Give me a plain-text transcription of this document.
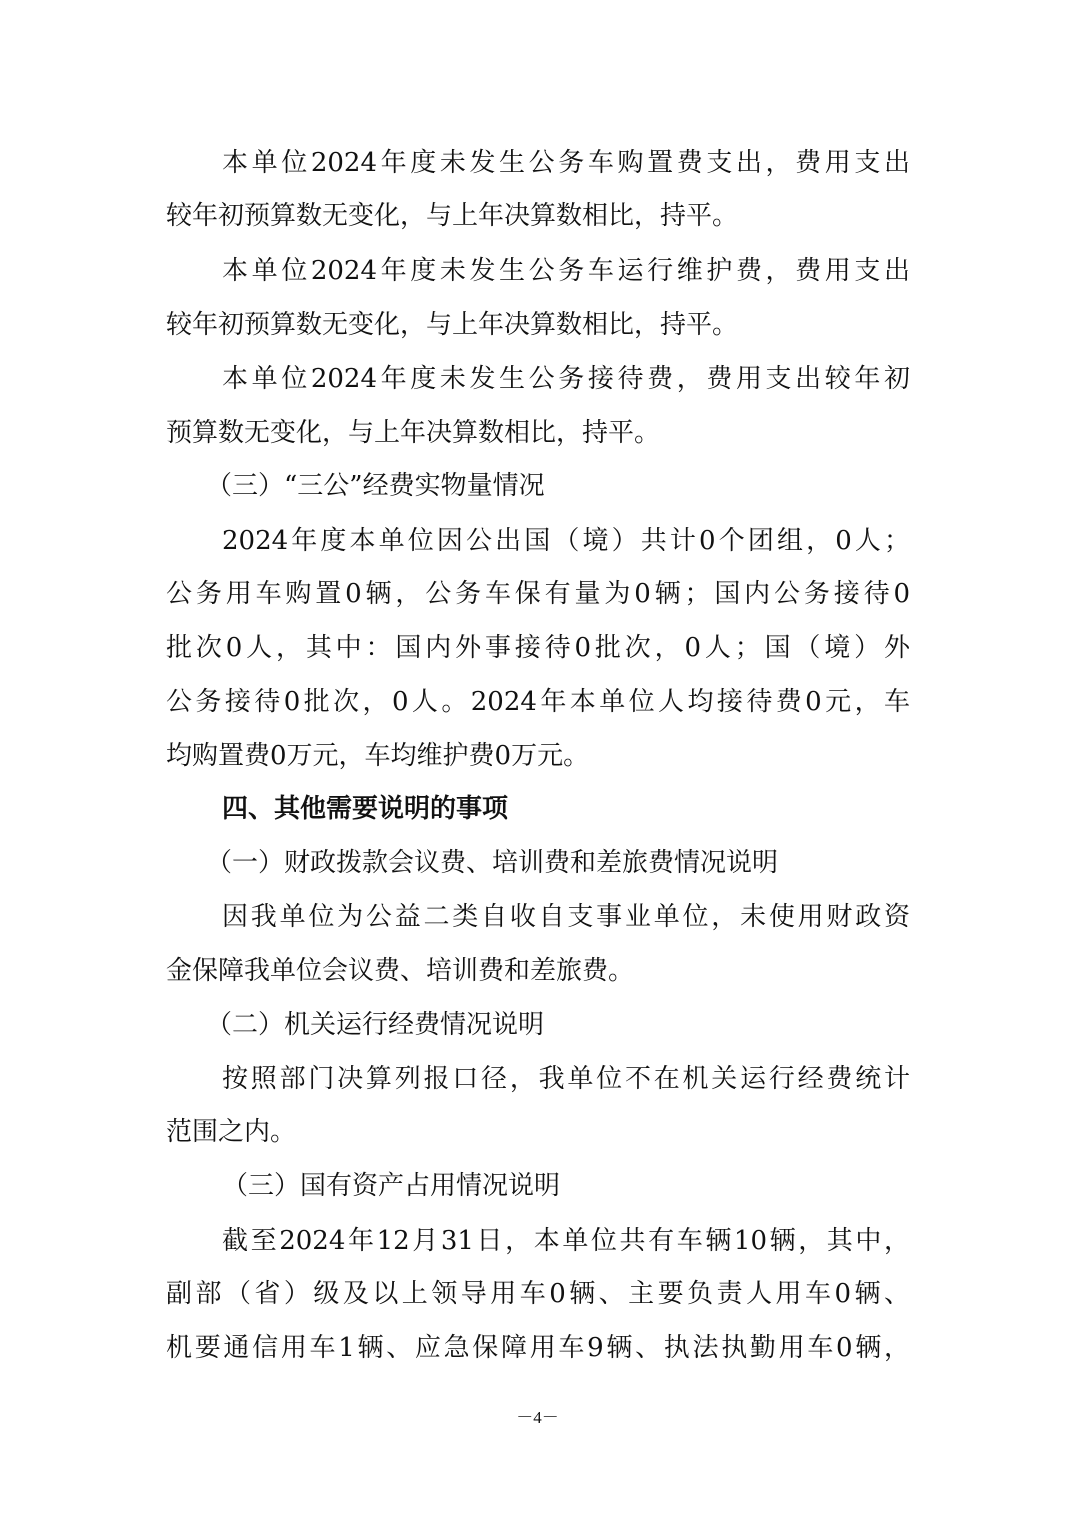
本单位2024年度未发生公务车购置费支出，费用支出
较年初预算数无变化，与上年决算数相比，持平。
本单位2024年度未发生公务车运行维护费，费用支出
较年初预算数无变化，与上年决算数相比，持平。
本单位2024年度未发生公务接待费，费用支出较年初
预算数无变化，与上年决算数相比，持平。
（三）“三公”经费实物量情况
2024年度本单位因公出国（境）共计0个团组，0人；
公务用车购置0辆，公务车保有量为0辆；国内公务接待0
批次0人，其中：国内外事接待0批次，0人；国（境）外
公务接待0批次，0人。2024年本单位人均接待费0元，车
均购置费0万元，车均维护费0万元。
四、其他需要说明的事项
（一）财政拨款会议费、培训费和差旅费情况说明
因我单位为公益二类自收自支事业单位，未使用财政资
金保障我单位会议费、培训费和差旅费。
（二）机关运行经费情况说明
按照部门决算列报口径，我单位不在机关运行经费统计
范围之内。
（三）国有资产占用情况说明
截至2024年12月31日，本单位共有车辆10辆，其中，
副部（省）级及以上领导用车0辆、主要负责人用车0辆、
机要通信用车1辆、应急保障用车9辆、执法执勤用车0辆，
－4－
